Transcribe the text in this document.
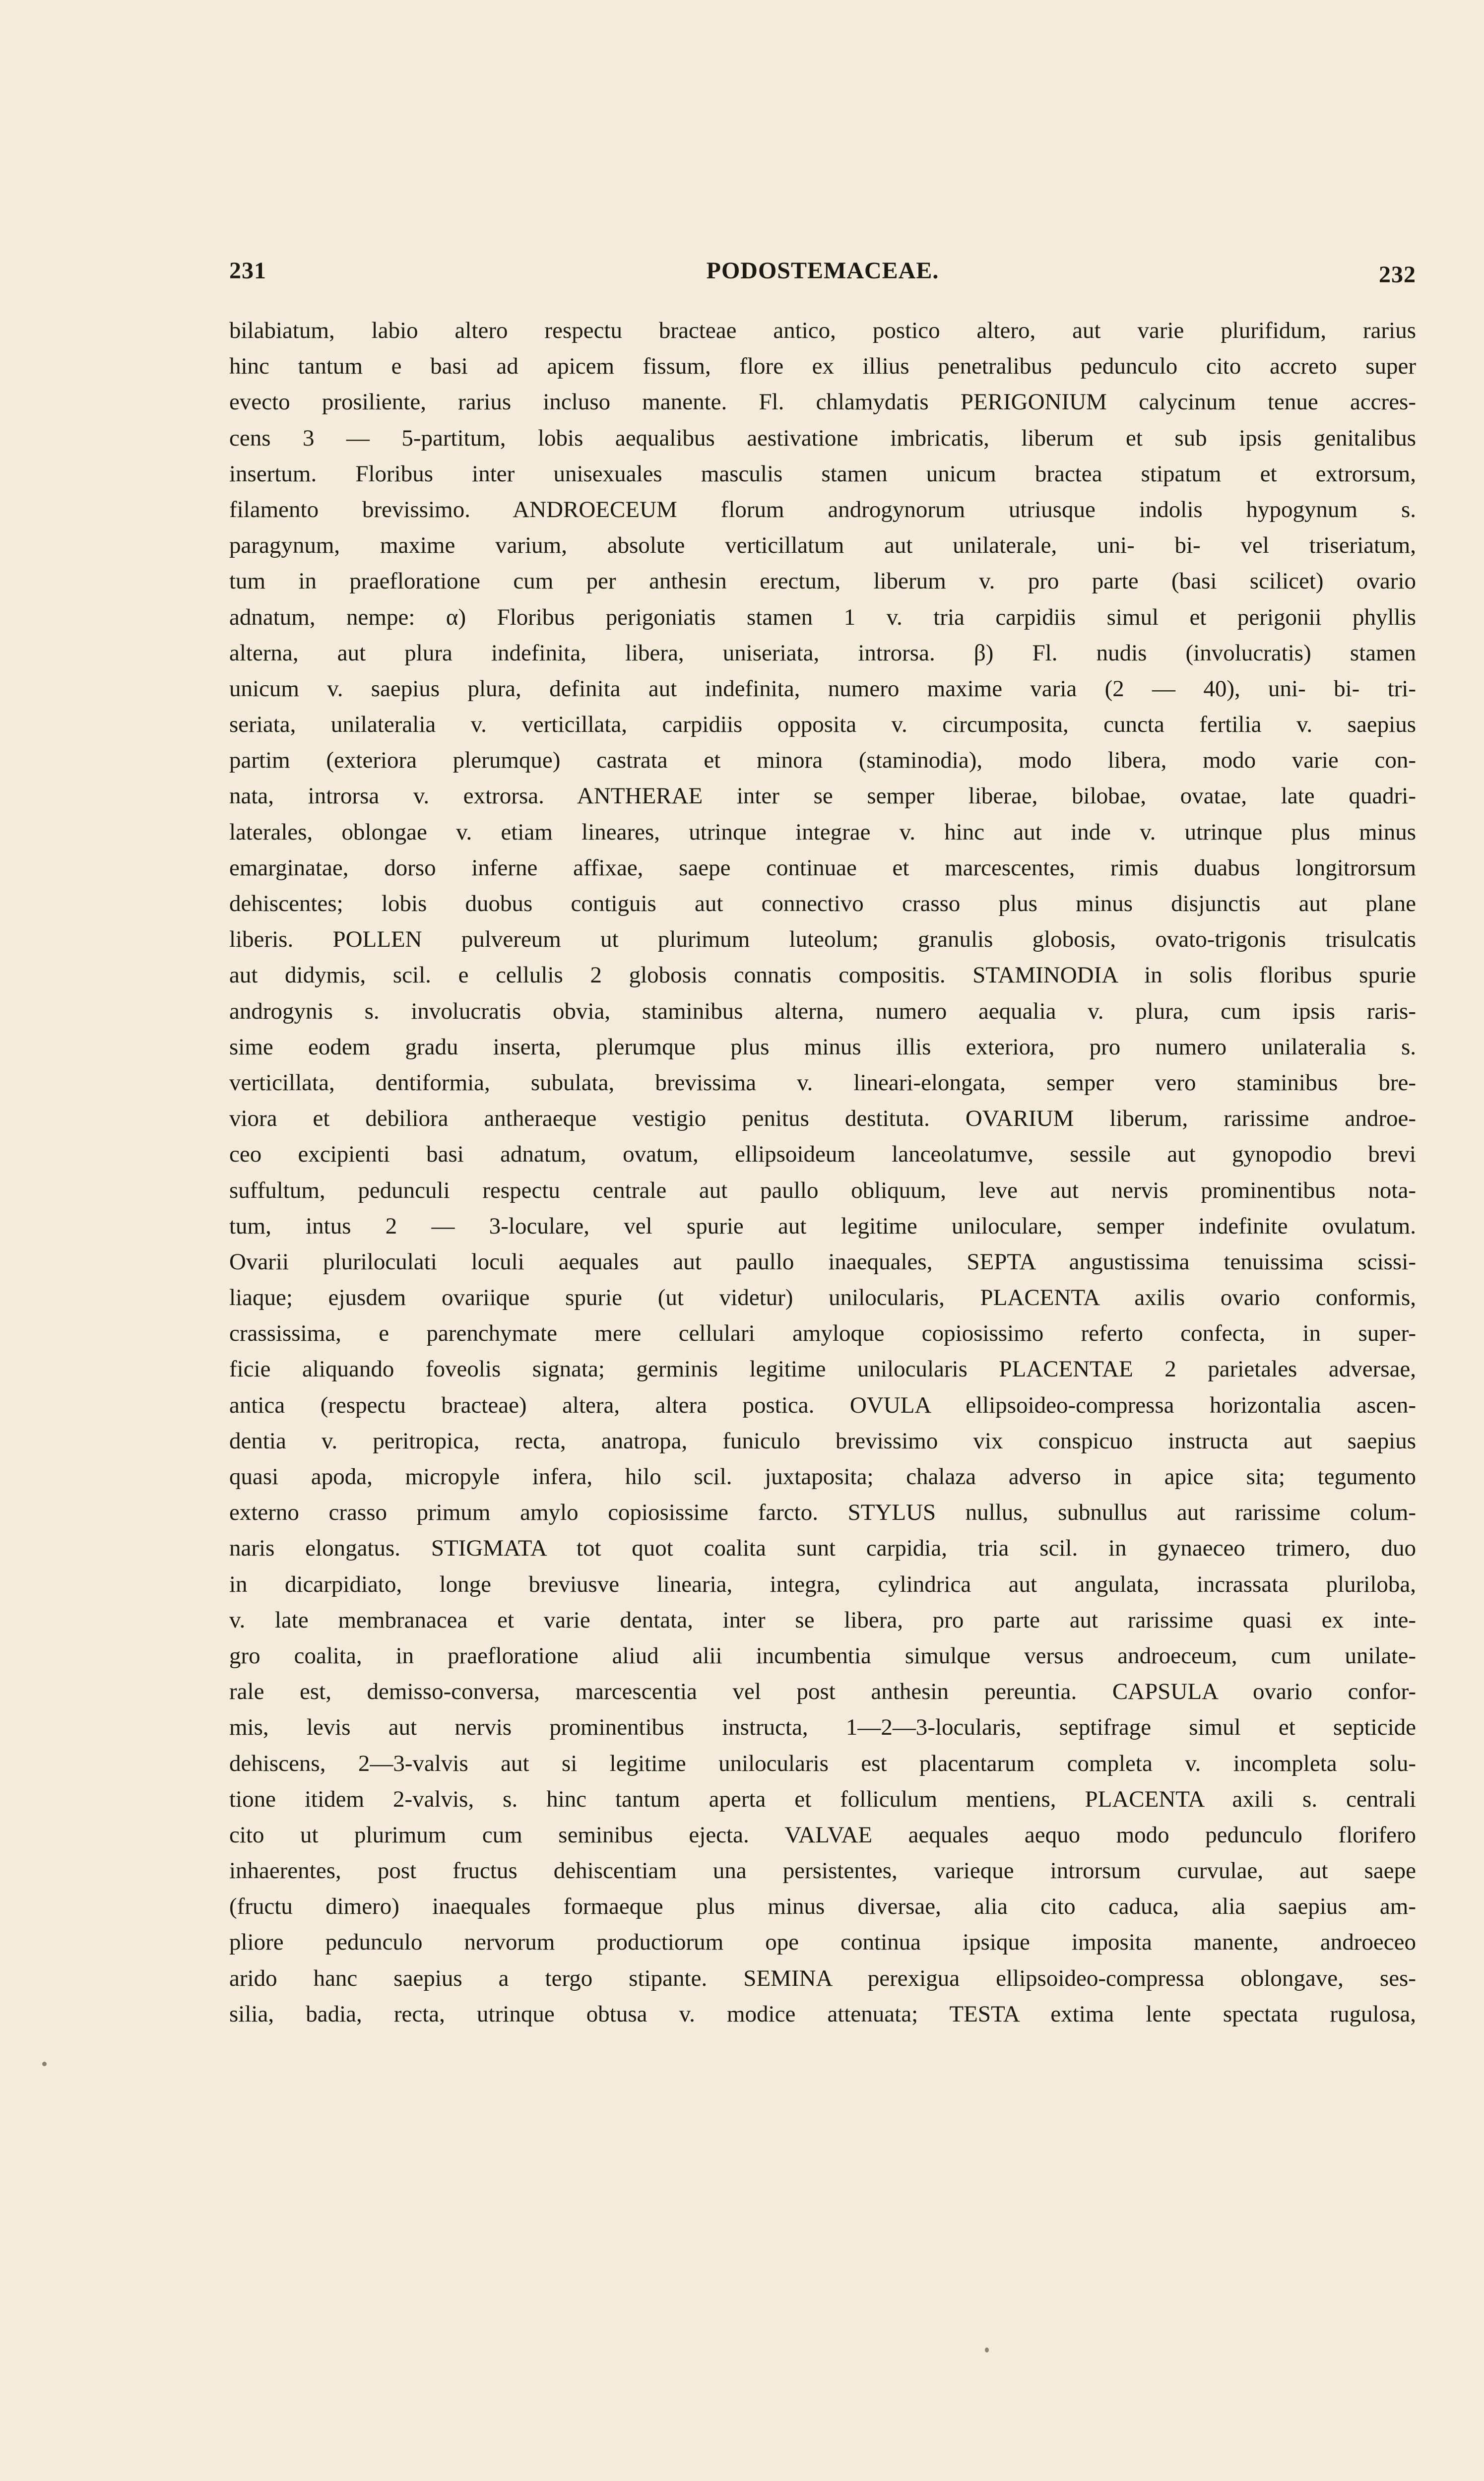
231	PODOSTEMACEAE.	232
bilabiatum, labio altero respectu bracteae antico, postico altero, aut varie plurifidum, rarius
hinc tantum e basi ad apicem fissum, flore ex illius penetralibus pedunculo cito accreto super
evecto prosiliente, rarius incluso manente. Fl. chlamydatis PERIGONIUM calycinum tenue accres-
cens 3 — 5-partitum, lobis aequalibus aestivatione imbricatis, liberum et sub ipsis genitalibus
insertum. Floribus inter unisexuales masculis stamen unicum bractea stipatum et extrorsum,
filamento brevissimo. ANDROECEUM florum androgynorum utriusque indolis hypogynum s.
paragynum, maxime varium, absolute verticillatum aut unilaterale, uni- bi- vel triseriatum,
tum in praefloratione cum per anthesin erectum, liberum v. pro parte (basi scilicet) ovario
adnatum, nempe: α) Floribus perigoniatis stamen 1 v. tria carpidiis simul et perigonii phyllis
alterna, aut plura indefinita, libera, uniseriata, introrsa. β) Fl. nudis (involucratis) stamen
unicum v. saepius plura, definita aut indefinita, numero maxime varia (2 — 40), uni- bi- tri-
seriata, unilateralia v. verticillata, carpidiis opposita v. circumposita, cuncta fertilia v. saepius
partim (exteriora plerumque) castrata et minora (staminodia), modo libera, modo varie con-
nata, introrsa v. extrorsa. ANTHERAE inter se semper liberae, bilobae, ovatae, late quadri-
laterales, oblongae v. etiam lineares, utrinque integrae v. hinc aut inde v. utrinque plus minus
emarginatae, dorso inferne affixae, saepe continuae et marcescentes, rimis duabus longitrorsum
dehiscentes; lobis duobus contiguis aut connectivo crasso plus minus disjunctis aut plane
liberis. POLLEN pulvereum ut plurimum luteolum; granulis globosis, ovato-trigonis trisulcatis
aut didymis, scil. e cellulis 2 globosis connatis compositis. STAMINODIA in solis floribus spurie
androgynis s. involucratis obvia, staminibus alterna, numero aequalia v. plura, cum ipsis raris-
sime eodem gradu inserta, plerumque plus minus illis exteriora, pro numero unilateralia s.
verticillata, dentiformia, subulata, brevissima v. lineari-elongata, semper vero staminibus bre-
viora et debiliora antheraeque vestigio penitus destituta. OVARIUM liberum, rarissime androe-
ceo excipienti basi adnatum, ovatum, ellipsoideum lanceolatumve, sessile aut gynopodio brevi
suffultum, pedunculi respectu centrale aut paullo obliquum, leve aut nervis prominentibus nota-
tum, intus 2 — 3-loculare, vel spurie aut legitime uniloculare, semper indefinite ovulatum.
Ovarii pluriloculati loculi aequales aut paullo inaequales, SEPTA angustissima tenuissima scissi-
liaque; ejusdem ovariique spurie (ut videtur) unilocularis, PLACENTA axilis ovario conformis,
crassissima, e parenchymate mere cellulari amyloque copiosissimo referto confecta, in super-
ficie aliquando foveolis signata; germinis legitime unilocularis PLACENTAE 2 parietales adversae,
antica (respectu bracteae) altera, altera postica. OVULA ellipsoideo-compressa horizontalia ascen-
dentia v. peritropica, recta, anatropa, funiculo brevissimo vix conspicuo instructa aut saepius
quasi apoda, micropyle infera, hilo scil. juxtaposita; chalaza adverso in apice sita; tegumento
externo crasso primum amylo copiosissime farcto. STYLUS nullus, subnullus aut rarissime colum-
naris elongatus. STIGMATA tot quot coalita sunt carpidia, tria scil. in gynaeceo trimero, duo
in dicarpidiato, longe breviusve linearia, integra, cylindrica aut angulata, incrassata pluriloba,
v. late membranacea et varie dentata, inter se libera, pro parte aut rarissime quasi ex inte-
gro coalita, in praefloratione aliud alii incumbentia simulque versus androeceum, cum unilate-
rale est, demisso-conversa, marcescentia vel post anthesin pereuntia. CAPSULA ovario confor-
mis, levis aut nervis prominentibus instructa, 1—2—3-locularis, septifrage simul et septicide
dehiscens, 2—3-valvis aut si legitime unilocularis est placentarum completa v. incompleta solu-
tione itidem 2-valvis, s. hinc tantum aperta et folliculum mentiens, PLACENTA axili s. centrali
cito ut plurimum cum seminibus ejecta. VALVAE aequales aequo modo pedunculo florifero
inhaerentes, post fructus dehiscentiam una persistentes, varieque introrsum curvulae, aut saepe
(fructu dimero) inaequales formaeque plus minus diversae, alia cito caduca, alia saepius am-
pliore pedunculo nervorum productiorum ope continua ipsique imposita manente, androeceo
arido hanc saepius a tergo stipante. SEMINA perexigua ellipsoideo-compressa oblongave, ses-
silia, badia, recta, utrinque obtusa v. modice attenuata; TESTA extima lente spectata rugulosa,
